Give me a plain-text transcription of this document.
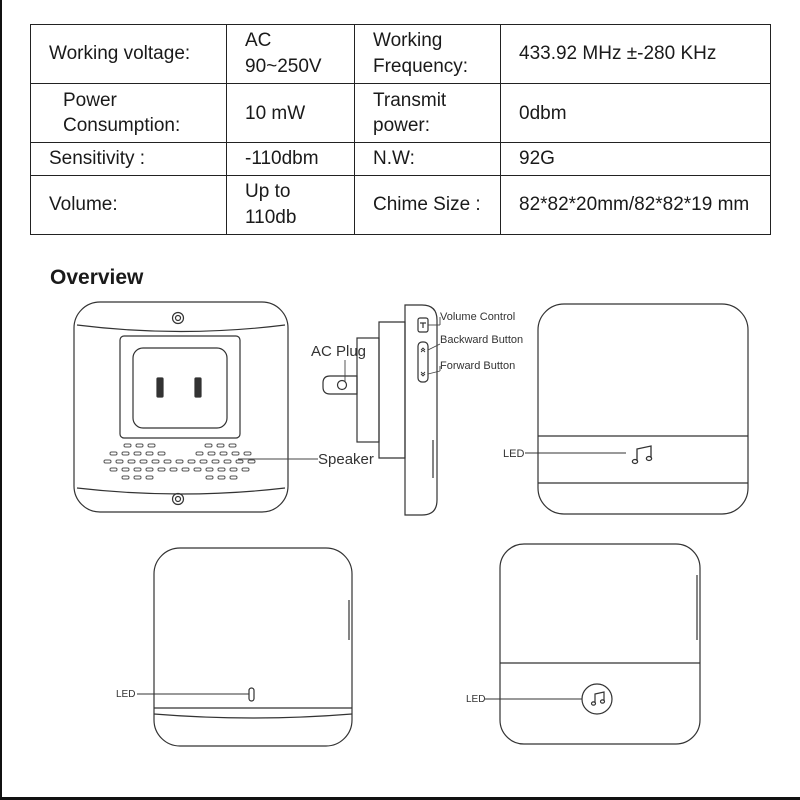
Working voltage:	AC 90~250V	Working Frequency:	433.92 MHz ±-280 KHz
Power Consumption:	10 mW	Transmit power:	0dbm
Sensitivity :	-110dbm	N.W:	92G
Volume:	Up to 110db	Chime Size :	82*82*20mm/82*82*19 mm
Overview
AC Plug
Speaker
Volume Control
Backward Button
Forward Button
LED
LED	LED
